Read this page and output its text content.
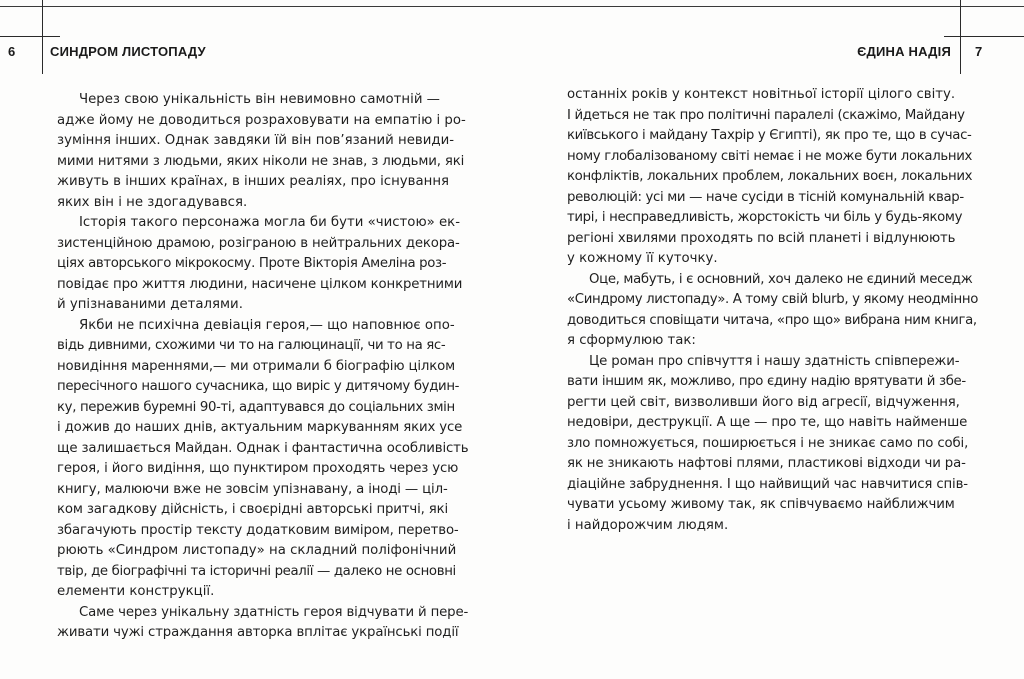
6	СИНДРОМ ЛИСТОПАДУ	ЄДИНА НАДІЯ 7
Через свою унікальність він невимовно самотній —
адже йому не доводиться розраховувати на емпатію і ро-
зуміння інших. Однак завдяки їй він пов’язаний невиди-
мими нитями з людьми, яких ніколи не знав, з людьми, які
живуть в інших країнах, в інших реаліях, про існування
яких він і не здогадувався.
Історія такого персонажа могла би бути «чистою» ек-
зистенційною драмою, розіграною в нейтральних декора-
ціях авторського мікрокосму. Проте Вікторія Амеліна роз-
повідає про життя людини, насичене цілком конкретними
й упізнаваними деталями.
Якби не психічна девіація героя,— що наповнює опо-
відь дивними, схожими чи то на галюцинації, чи то на яс-
новидіння мареннями,— ми отримали б біографію цілком
пересічного нашого сучасника, що виріс у дитячому будин-
ку, пережив буремні 90-ті, адаптувався до соціальних змін
і дожив до наших днів, актуальним маркуванням яких усе
ще залишається Майдан. Однак і фантастична особливість
героя, і його видіння, що пунктиром проходять через усю
книгу, малюючи вже не зовсім упізнавану, а іноді — ціл-
ком загадкову дійсність, і своєрідні авторські притчі, які
збагачують простір тексту додатковим виміром, перетво-
рюють «Синдром листопаду» на складний поліфонічний
твір, де біографічні та історичні реалії — далеко не основні
елементи конструкції.
Саме через унікальну здатність героя відчувати й пере-
живати чужі страждання авторка вплітає українські події
останніх років у контекст новітньої історії цілого світу.
І йдеться не так про політичні паралелі (скажімо, Майдану
київського і майдану Тахрір у Єгипті), як про те, що в сучас-
ному глобалізованому світі немає і не може бути локальних
конфліктів, локальних проблем, локальних воєн, локальних
революцій: усі ми — наче сусіди в тісній комунальній квар-
тирі, і несправедливість, жорстокість чи біль у будь-якому
регіоні хвилями проходять по всій планеті і відлунюють
у кожному її куточку.
Оце, мабуть, і є основний, хоч далеко не єдиний меседж
«Синдрому листопаду». А тому свій blurb, у якому неодмінно
доводиться сповіщати читача, «про що» вибрана ним книга,
я сформулюю так:
Це роман про співчуття і нашу здатність співпережи-
вати іншим як, можливо, про єдину надію врятувати й збе-
регти цей світ, визволивши його від агресії, відчуження,
недовіри, деструкції. А ще — про те, що навіть найменше
зло помножується, поширюється і не зникає само по собі,
як не зникають нафтові плями, пластикові відходи чи ра-
діаційне забруднення. І що найвищий час навчитися спів-
чувати усьому живому так, як співчуваємо найближчим
і найдорожчим людям.
